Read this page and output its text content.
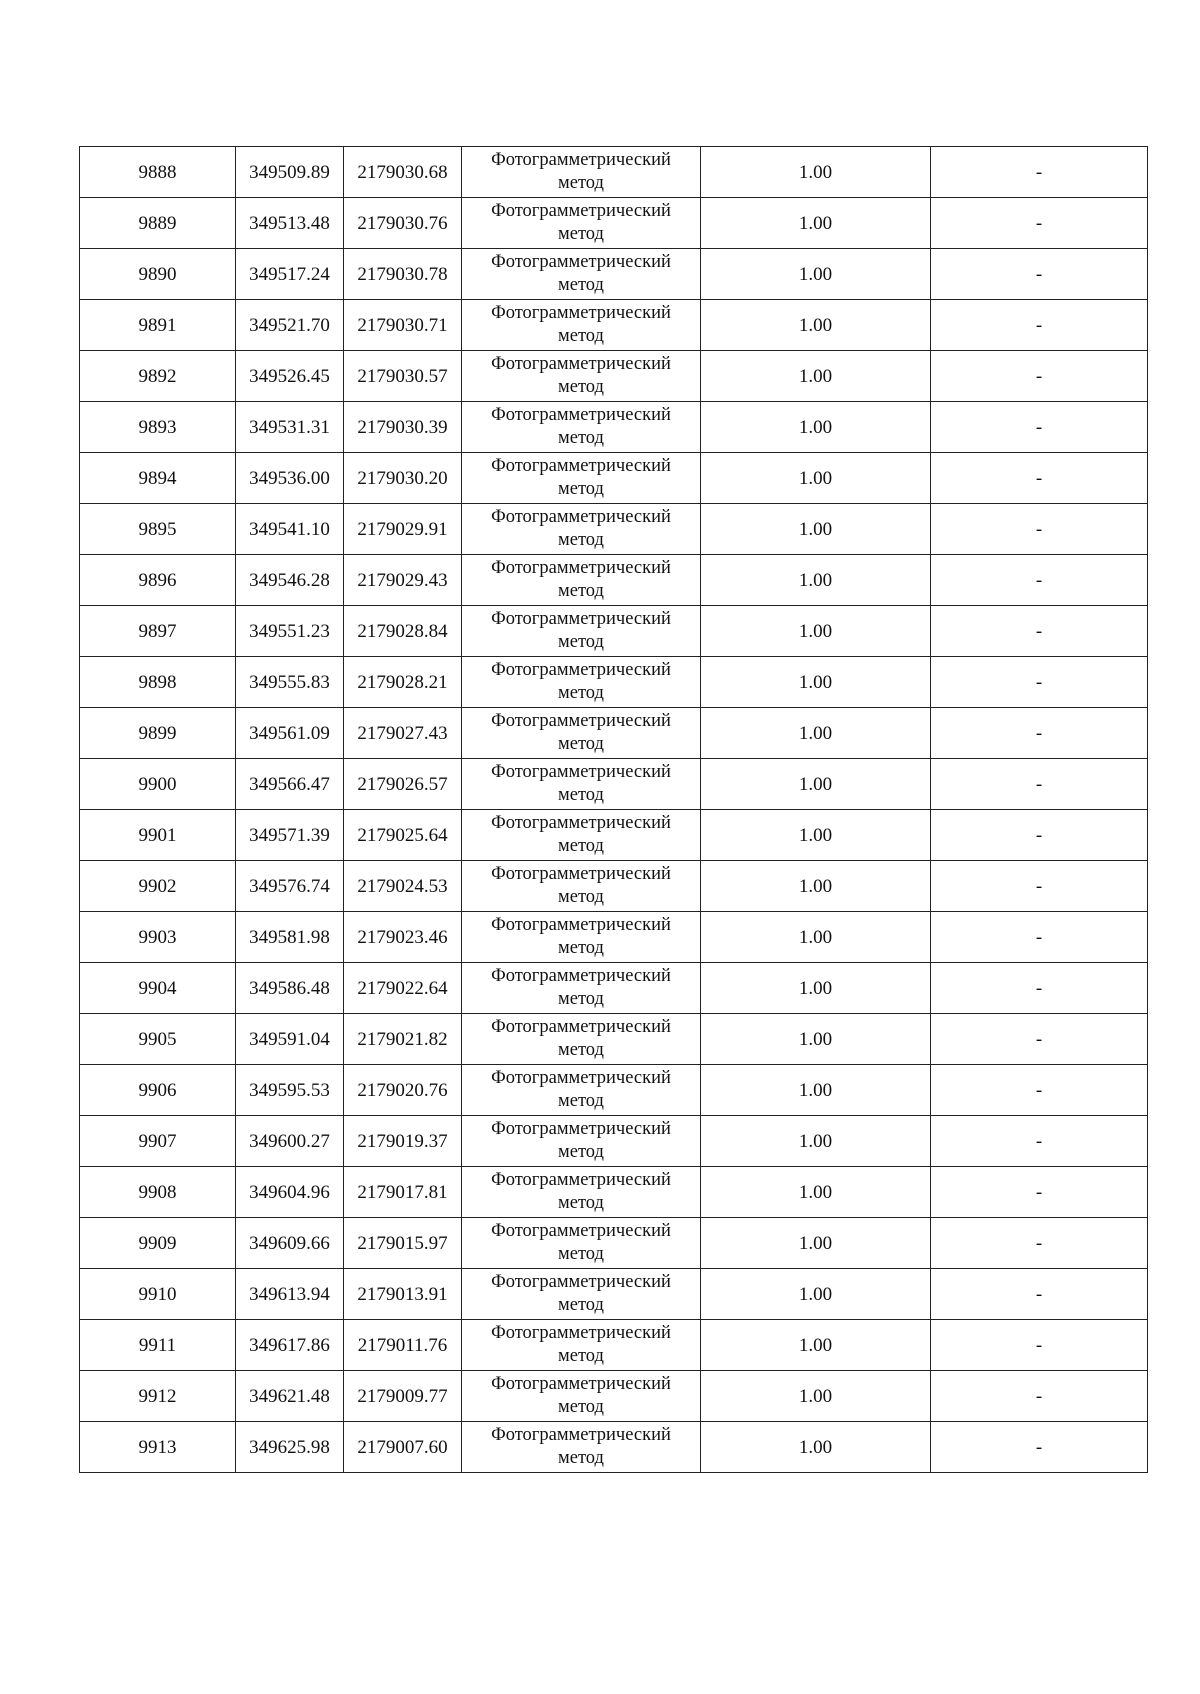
9888	349509.89	2179030.68	Фотограмметрический
метод	1.00	-
9889	349513.48	2179030.76	Фотограмметрический
метод	1.00	-
9890	349517.24	2179030.78	Фотограмметрический
метод	1.00	-
9891	349521.70	2179030.71	Фотограмметрический
метод	1.00	-
9892	349526.45	2179030.57	Фотограмметрический
метод	1.00	-
9893	349531.31	2179030.39	Фотограмметрический
метод	1.00	-
9894	349536.00	2179030.20	Фотограмметрический
метод	1.00	-
9895	349541.10	2179029.91	Фотограмметрический
метод	1.00	-
9896	349546.28	2179029.43	Фотограмметрический
метод	1.00	-
9897	349551.23	2179028.84	Фотограмметрический
метод	1.00	-
9898	349555.83	2179028.21	Фотограмметрический
метод	1.00	-
9899	349561.09	2179027.43	Фотограмметрический
метод	1.00	-
9900	349566.47	2179026.57	Фотограмметрический
метод	1.00	-
9901	349571.39	2179025.64	Фотограмметрический
метод	1.00	-
9902	349576.74	2179024.53	Фотограмметрический
метод	1.00	-
9903	349581.98	2179023.46	Фотограмметрический
метод	1.00	-
9904	349586.48	2179022.64	Фотограмметрический
метод	1.00	-
9905	349591.04	2179021.82	Фотограмметрический
метод	1.00	-
9906	349595.53	2179020.76	Фотограмметрический
метод	1.00	-
9907	349600.27	2179019.37	Фотограмметрический
метод	1.00	-
9908	349604.96	2179017.81	Фотограмметрический
метод	1.00	-
9909	349609.66	2179015.97	Фотограмметрический
метод	1.00	-
9910	349613.94	2179013.91	Фотограмметрический
метод	1.00	-
9911	349617.86	2179011.76	Фотограмметрический
метод	1.00	-
9912	349621.48	2179009.77	Фотограмметрический
метод	1.00	-
9913	349625.98	2179007.60	Фотограмметрический
метод	1.00	-
